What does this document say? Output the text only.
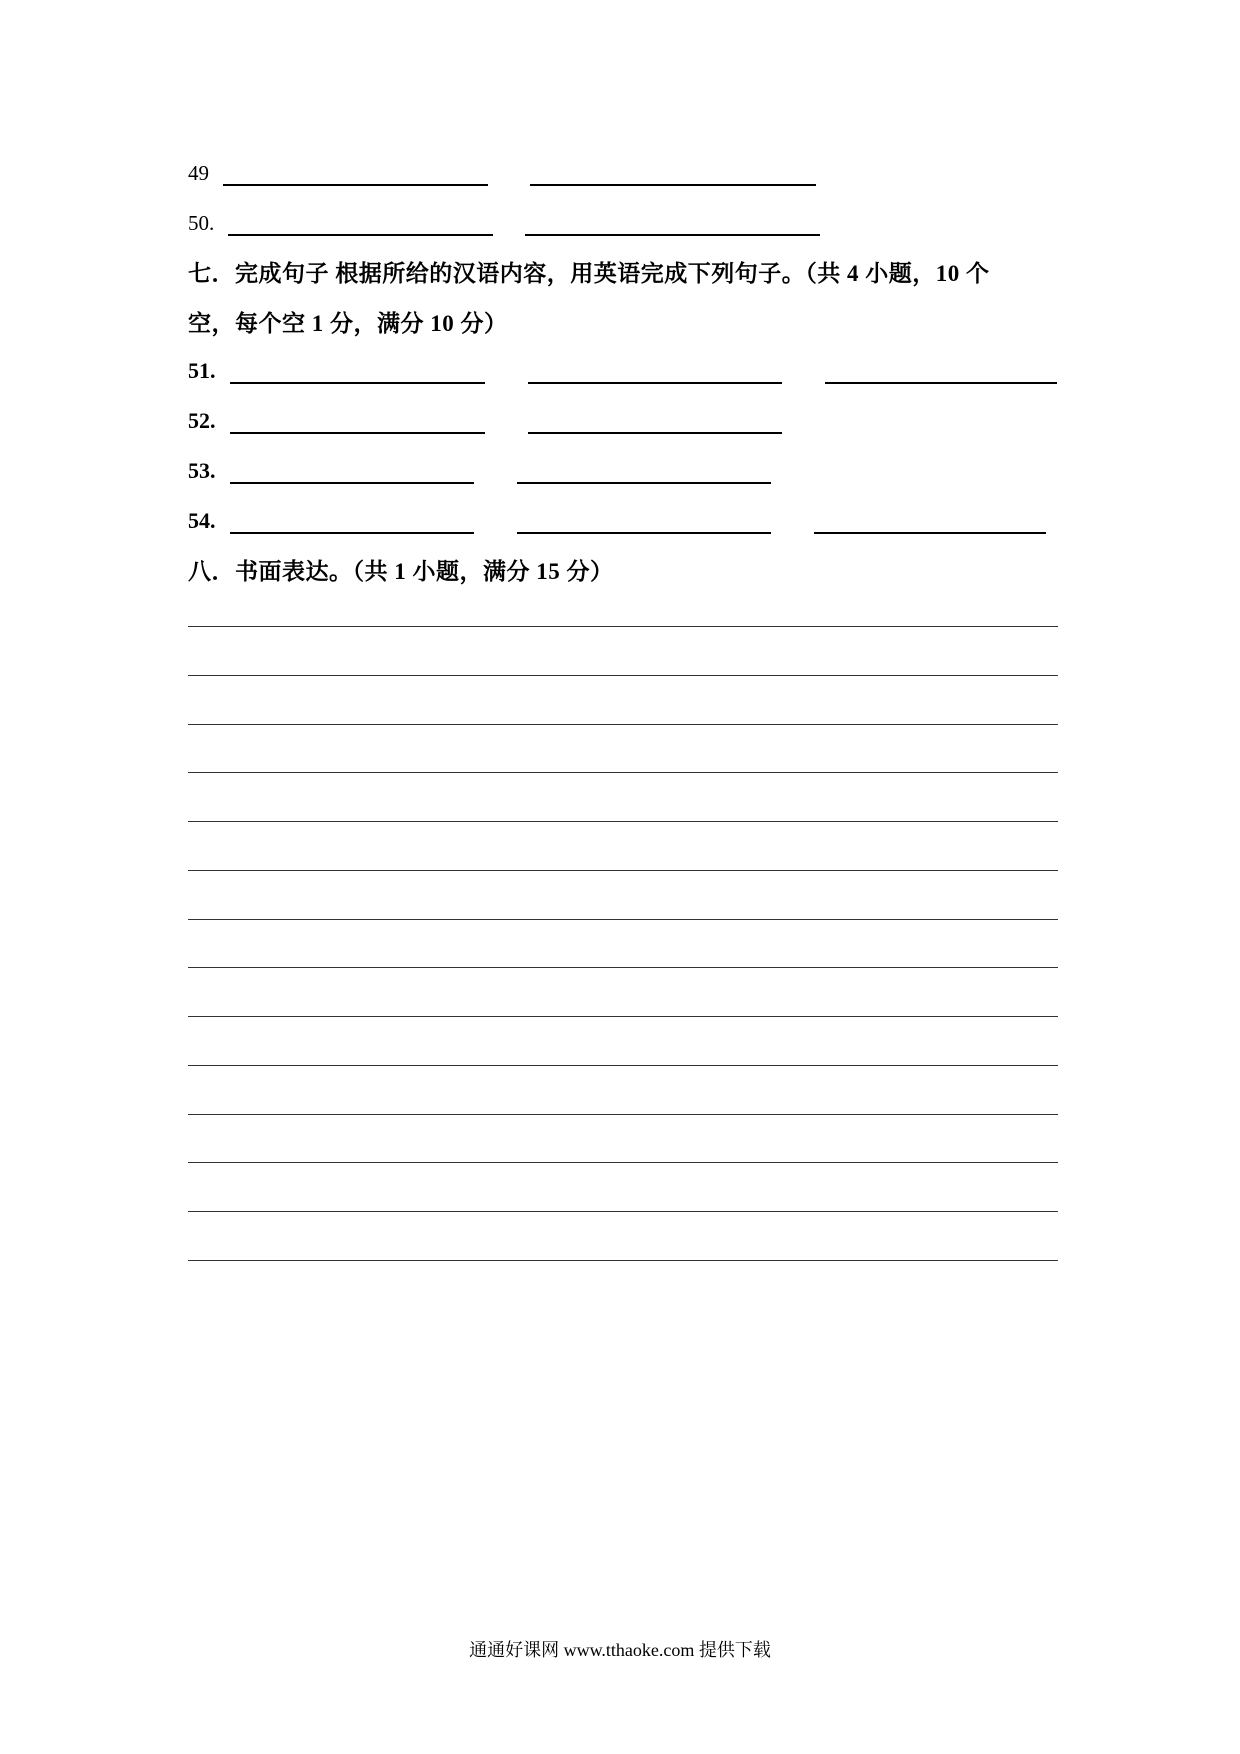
49
50.
七．完成句子 根据所给的汉语内容，用英语完成下列句子。（共 4 小题，10 个
空，每个空 1 分，满分 10 分）
51.
52.
53.
54.
八．书面表达。（共 1 小题，满分 15 分）
通通好课网 www.tthaoke.com 提供下载
